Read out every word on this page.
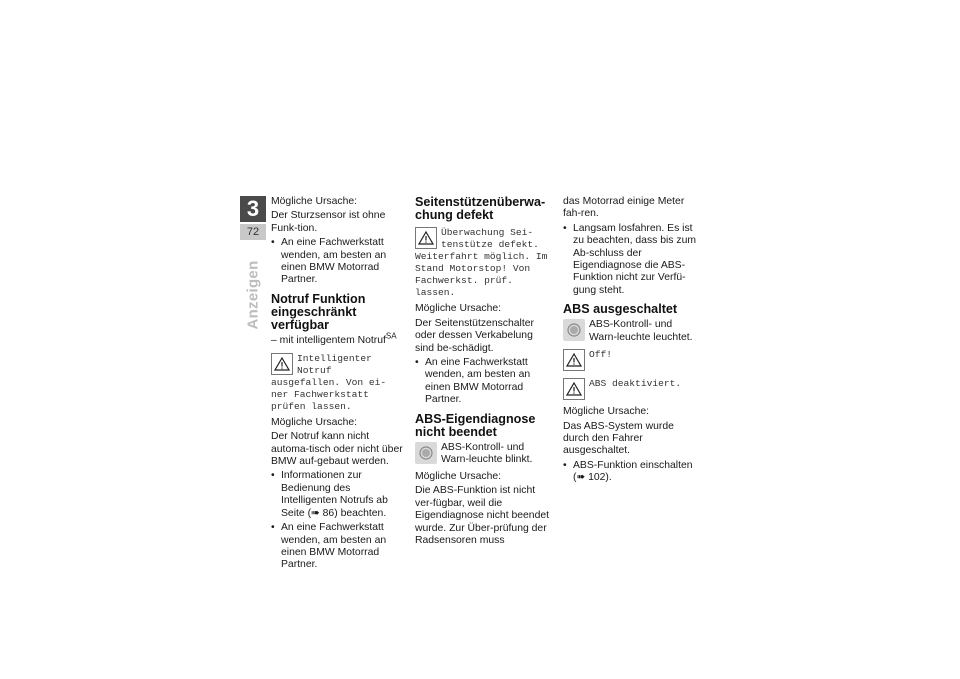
3
72
Anzeigen

Mögliche Ursache:

Der Sturzsensor ist ohne Funk-tion.

• An eine Fachwerkstatt wenden, am besten an einen BMW Motorrad Partner.
Notruf Funktion eingeschränkt verfügbar

– mit intelligentem Notruf$^{SA}$

Intelligenter Notruf ausgefallen. Von ei-ner Fachwerkstatt prüfen lassen.

Mögliche Ursache:

Der Notruf kann nicht automa-tisch oder nicht über BMW auf-gebaut werden.

• Informationen zur Bedienung des Intelligenten Notrufs ab Seite (➠ 86) beachten.
• An eine Fachwerkstatt wenden, am besten an einen BMW Motorrad Partner.
Seitenstützenüberwa-chung defekt
Überwachung Sei-tenstütze defekt. Weiterfahrt möglich. Im Stand Motorstop! Von Fachwerkst. prüf. lassen.

Mögliche Ursache:

Der Seitenstützenschalter oder dessen Verkabelung sind be-schädigt.

• An eine Fachwerkstatt wenden, am besten an einen BMW Motorrad Partner.
ABS-Eigendiagnose nicht beendet
ABS-Kontroll- und Warn-leuchte blinkt.

Mögliche Ursache:

Die ABS-Funktion ist nicht ver-fügbar, weil die Eigendiagnose nicht beendet wurde. Zur Über-prüfung der Radsensoren muss

das Motorrad einige Meter fah-ren.

• Langsam losfahren. Es ist zu beachten, dass bis zum Ab-schluss der Eigendiagnose die ABS-Funktion nicht zur Verfü-gung steht.
ABS ausgeschaltet
ABS-Kontroll- und Warn-leuchte leuchtet.
Off!
ABS deaktiviert.

Mögliche Ursache:

Das ABS-System wurde durch den Fahrer ausgeschaltet.

• ABS-Funktion einschalten (➠ 102).
